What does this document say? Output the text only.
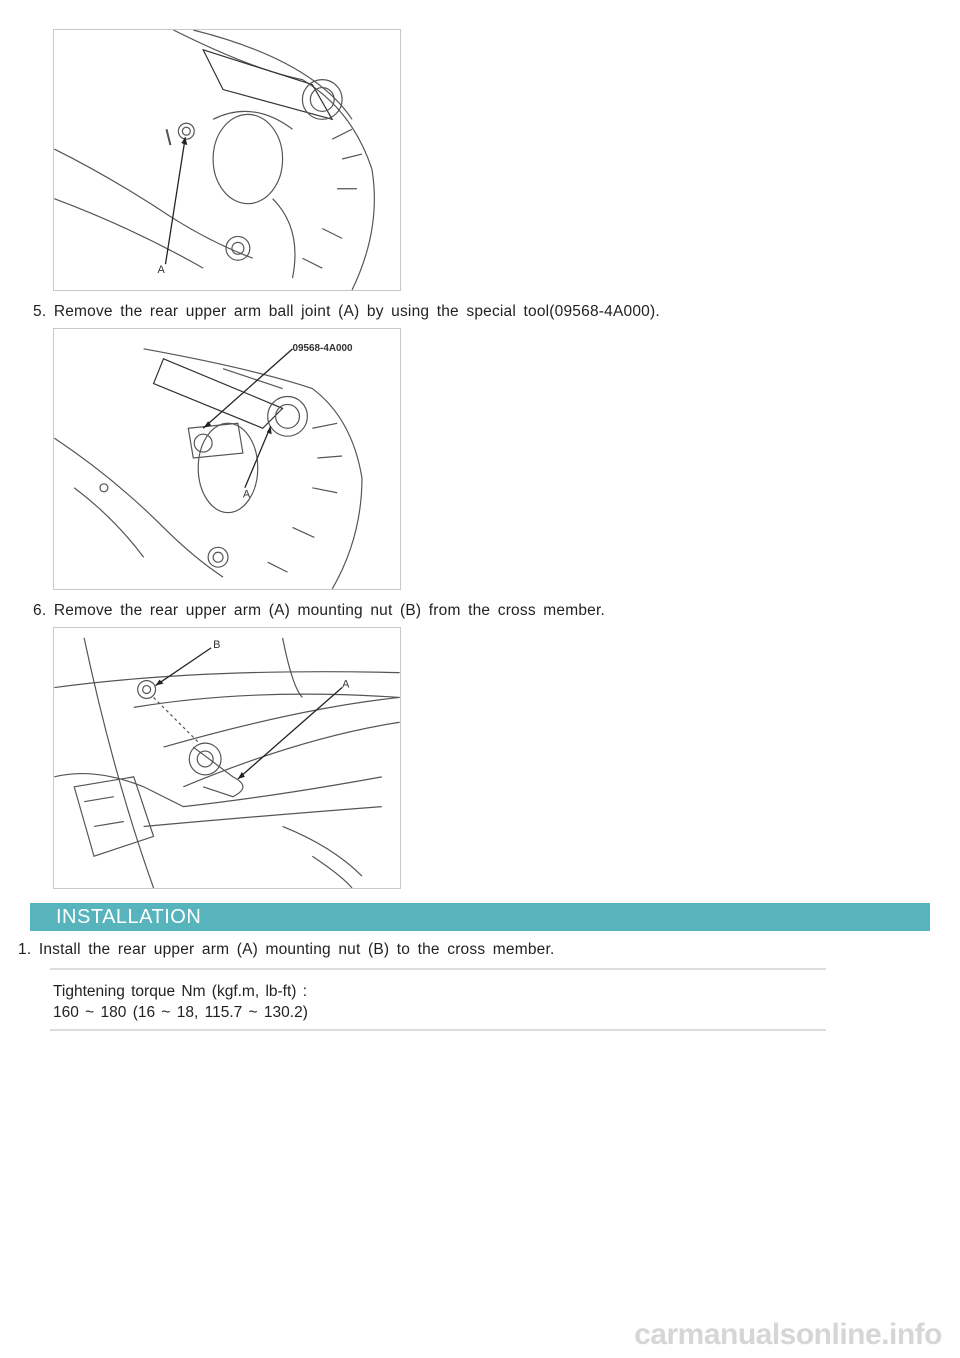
A
5. Remove the rear upper arm ball joint (A) by using the special tool(09568-4A000).
09568-4A000
A
6. Remove the rear upper arm (A) mounting nut (B) from the cross member.
B
A
INSTALLATION
1. Install the rear upper arm (A) mounting nut (B) to the cross member.
Tightening torque Nm (kgf.m, lb-ft) :
160 ~ 180 (16 ~ 18, 115.7 ~ 130.2)
carmanualsonline.info
